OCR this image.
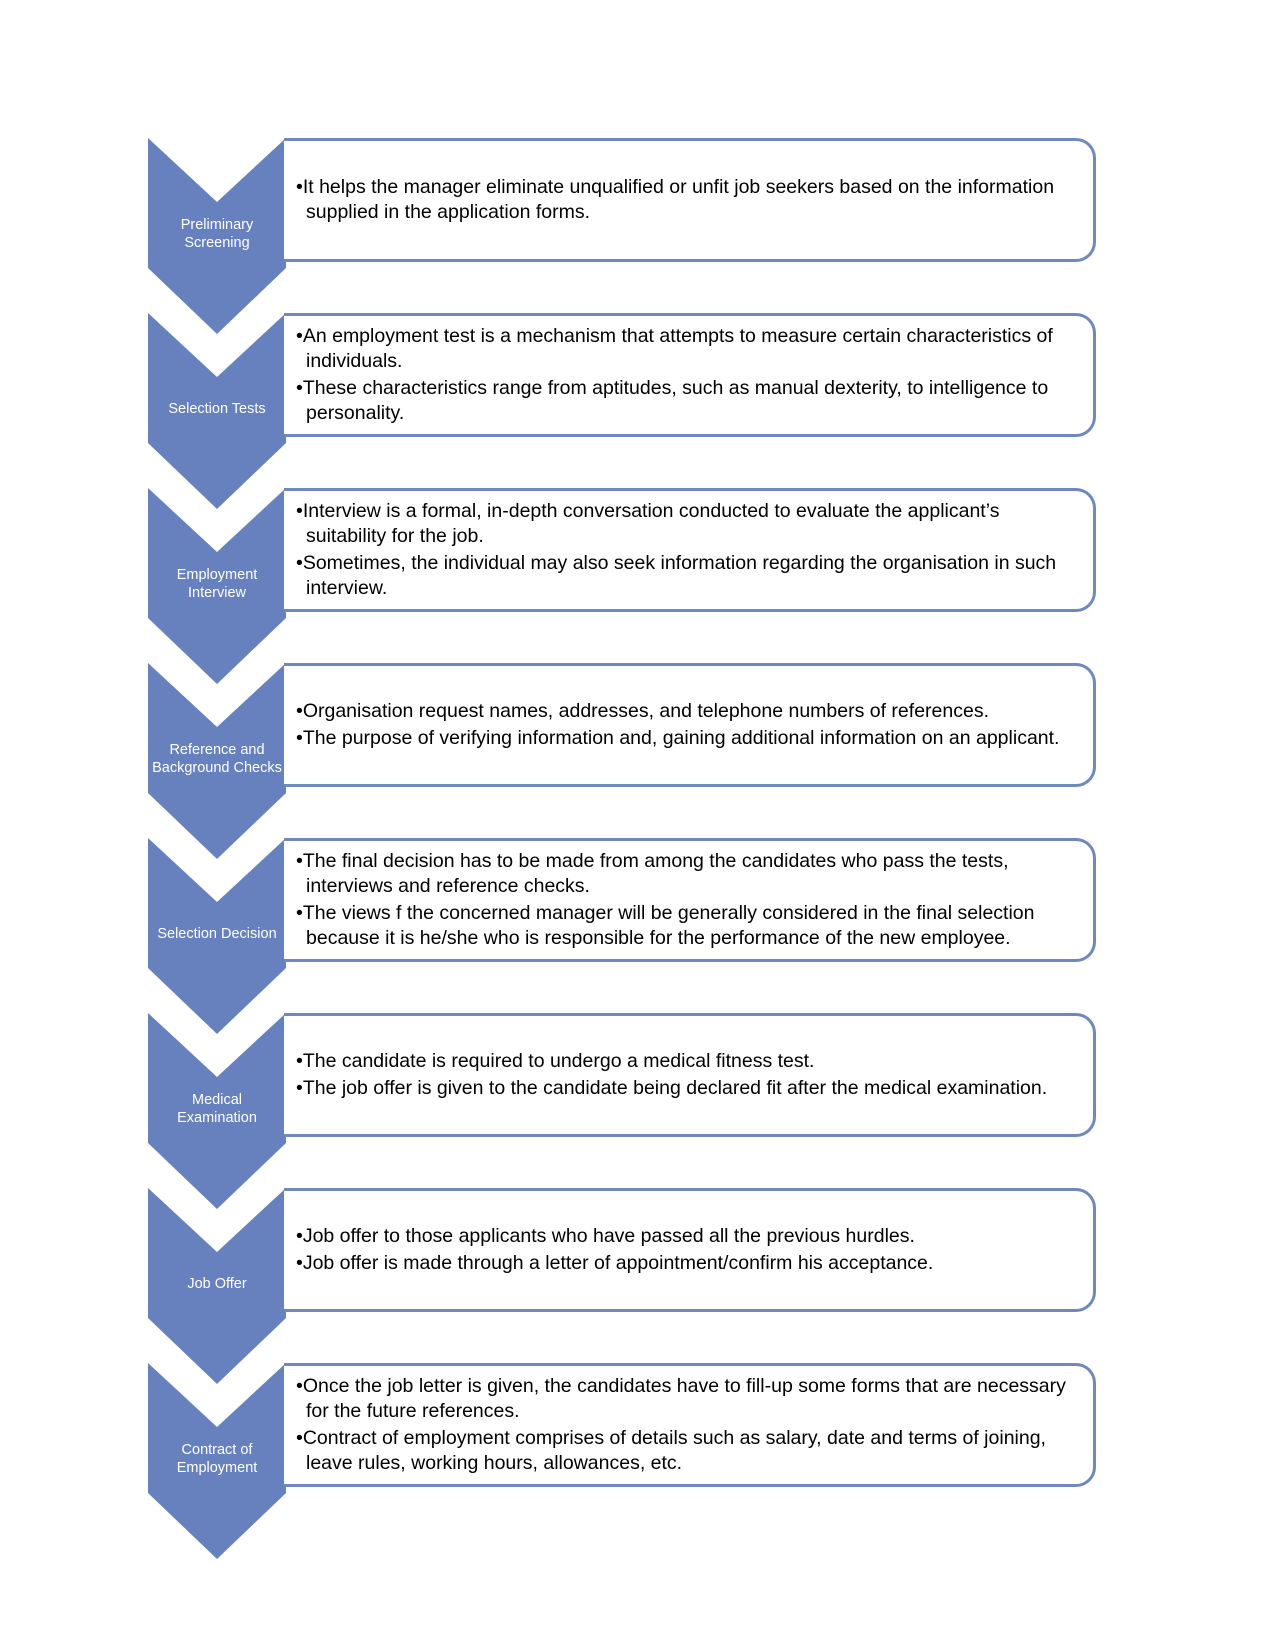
Preliminary Screening
•It helps the manager eliminate unqualified or unfit job seekers based on the information supplied in the application forms.
Selection Tests
•An employment test is a mechanism that attempts to measure certain characteristics of individuals.
•These characteristics range from aptitudes, such as manual dexterity, to intelligence to personality.
Employment Interview
•Interview is a formal, in-depth conversation conducted to evaluate the applicant’s suitability for the job.
•Sometimes, the individual may also seek information regarding the organisation in such interview.
Reference and Background Checks
•Organisation request names, addresses, and telephone numbers of references.
•The purpose of verifying information and, gaining additional information on an applicant.
Selection Decision
•The final decision has to be made from among the candidates who pass the tests, interviews and reference checks.
•The views f the concerned manager will be generally considered in the final selection because it is he/she who is responsible for the performance of the new employee.
Medical Examination
•The candidate is required to undergo a medical fitness test.
•The job offer is given to the candidate being declared fit after the medical examination.
Job Offer
•Job offer to those applicants who have passed all the previous hurdles.
•Job offer is made through a letter of appointment/confirm his acceptance.
Contract of Employment
•Once the job letter is given, the candidates have to fill-up some forms that are necessary for the future references.
•Contract of employment comprises of details such as salary, date and terms of joining, leave rules, working hours, allowances, etc.
